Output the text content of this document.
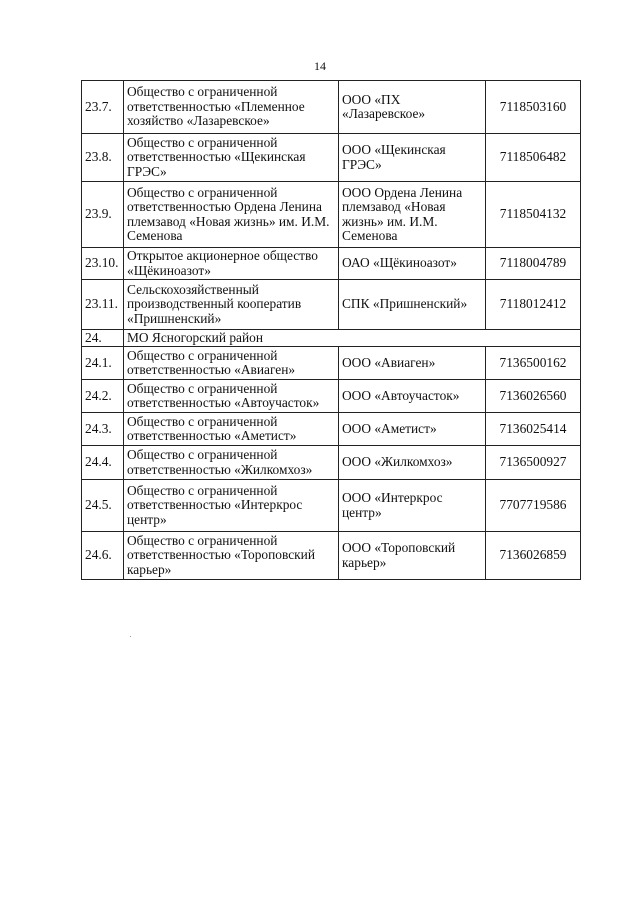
14
23.7.	Общество с ограниченной ответственностью «Племенное хозяйство «Лазаревское»	ООО «ПХ «Лазаревское»	7118503160
23.8.	Общество с ограниченной ответственностью «Щекинская ГРЭС»	ООО «Щекинская ГРЭС»	7118506482
23.9.	Общество с ограниченной ответственностью Ордена Ленина племзавод «Новая жизнь» им. И.М. Семенова	ООО Ордена Ленина племзавод «Новая жизнь» им. И.М. Семенова	7118504132
23.10.	Открытое акционерное общество «Щёкиноазот»	ОАО «Щёкиноазот»	7118004789
23.11.	Сельскохозяйственный производственный кооператив «Пришненский»	СПК «Пришненский»	7118012412
24.	МО Ясногорский район		
24.1.	Общество с ограниченной ответственностью «Авиаген»	ООО «Авиаген»	7136500162
24.2.	Общество с ограниченной ответственностью «Автоучасток»	ООО «Автоучасток»	7136026560
24.3.	Общество с ограниченной ответственностью «Аметист»	ООО «Аметист»	7136025414
24.4.	Общество с ограниченной ответственностью «Жилкомхоз»	ООО «Жилкомхоз»	7136500927
24.5.	Общество с ограниченной ответственностью «Интеркрос центр»	ООО «Интеркрос центр»	7707719586
24.6.	Общество с ограниченной ответственностью «Тороповский карьер»	ООО «Тороповский карьер»	7136026859
